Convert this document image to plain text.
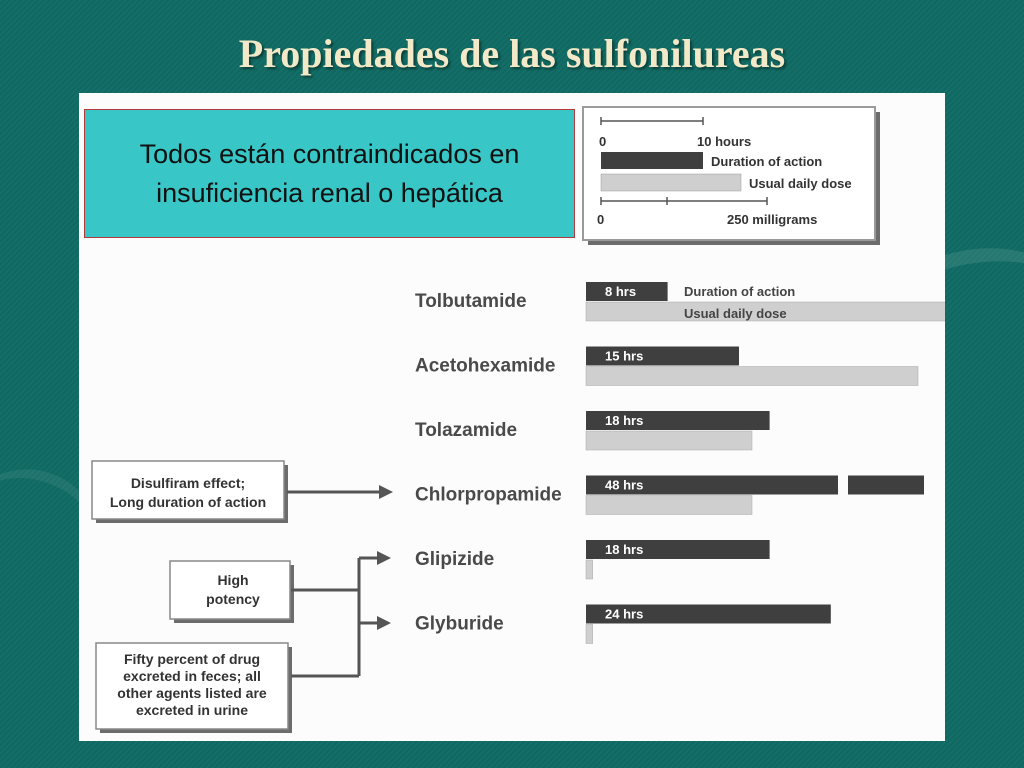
Propiedades de las sulfonilureas
Todos están contraindicados en insuficiencia renal o hepática
0	10 hours
Duration of action
Usual daily dose
0	250 milligrams
Tolbutamide
Acetohexamide
Tolazamide
Chlorpropamide
Glipizide
Glyburide
8 hrs
15 hrs
18 hrs
48 hrs
18 hrs
24 hrs
Duration of action
Usual daily dose
Disulfiram effect;
Long duration of action
High
potency
Fifty percent of drug
excreted in feces; all
other agents listed are
excreted in urine
